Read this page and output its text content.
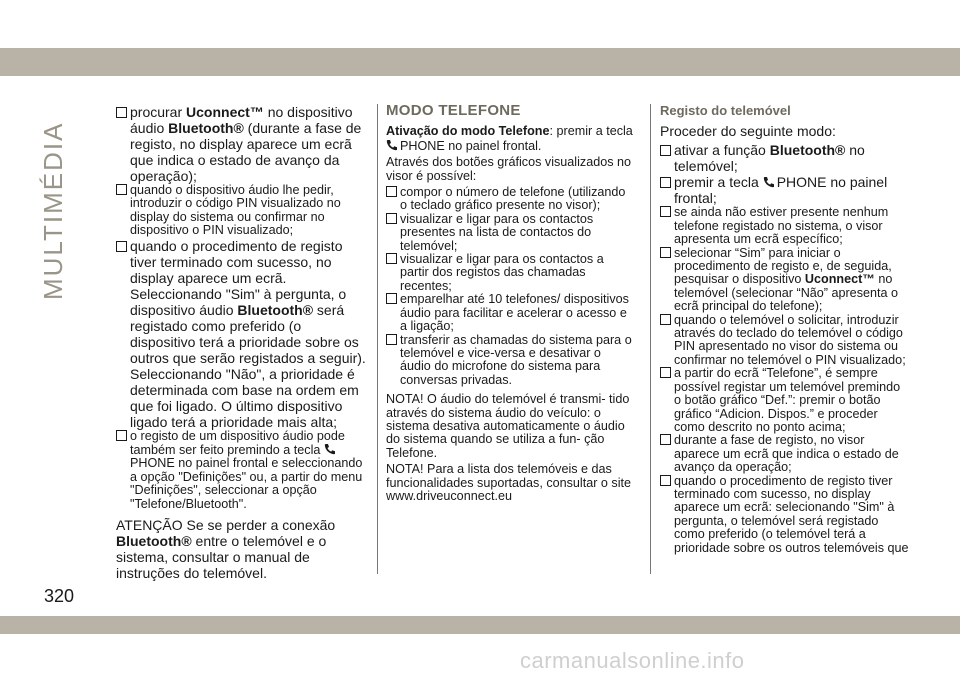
MULTIMÉDIA

procurar Uconnect™ no dispositivo áudio Bluetooth® (durante a fase de registo, no display aparece um ecrã que indica o estado de avanço da operação);

quando o dispositivo áudio lhe pedir, introduzir o código PIN visualizado no display do sistema ou confirmar no dispositivo o PIN visualizado;

quando o procedimento de registo tiver terminado com sucesso, no display aparece um ecrã. Seleccionando "Sim" à pergunta, o dispositivo áudio Bluetooth® será registado como preferido (o dispositivo terá a prioridade sobre os outros que serão registados a seguir). Seleccionando "Não", a prioridade é determinada com base na ordem em que foi ligado. O último dispositivo ligado terá a prioridade mais alta;

o registo de um dispositivo áudio pode também ser feito premindo a tecla
PHONE no painel frontal e seleccionando a opção "Definições" ou, a partir do menu "Definições", seleccionar a opção "Telefone/Bluetooth".

ATENÇÃO Se se perder a conexão Bluetooth® entre o telemóvel e o sistema, consultar o manual de instruções do telemóvel.

MODO TELEFONE

Ativação do modo Telefone: premir a tecla

PHONE no painel frontal.

Através dos botões gráficos visualizados no visor é possível:

compor o número de telefone (utilizando o teclado gráfico presente no visor);

visualizar e ligar para os contactos presentes na lista de contactos do telemóvel;

visualizar e ligar para os contactos a partir dos registos das chamadas recentes;

emparelhar até 10 telefones/ dispositivos áudio para facilitar e acelerar o acesso e a ligação;

transferir as chamadas do sistema para o telemóvel e vice-versa e desativar o áudio do microfone do sistema para conversas privadas.

NOTA! O áudio do telemóvel é transmi- tido através do sistema áudio do veículo: o sistema desativa automaticamente o áudio do sistema quando se utiliza a fun- ção Telefone.

NOTA! Para a lista dos telemóveis e das funcionalidades suportadas, consultar o site www.driveuconnect.eu

Registo do telemóvel

Proceder do seguinte modo:

ativar a função Bluetooth® no telemóvel;

premir a tecla
PHONE no painel frontal;

se ainda não estiver presente nenhum telefone registado no sistema, o visor apresenta um ecrã específico;

selecionar “Sim” para iniciar o procedimento de registo e, de seguida, pesquisar o dispositivo Uconnect™ no telemóvel (selecionar “Não” apresenta o ecrã principal do telefone);

quando o telemóvel o solicitar, introduzir através do teclado do telemóvel o código PIN apresentado no visor do sistema ou confirmar no telemóvel o PIN visualizado;

a partir do ecrã “Telefone”, é sempre possível registar um telemóvel premindo o botão gráfico “Def.”: premir o botão gráfico “Adicion. Dispos.” e proceder como descrito no ponto acima;

durante a fase de registo, no visor aparece um ecrã que indica o estado de avanço da operação;

quando o procedimento de registo tiver terminado com sucesso, no display aparece um ecrã: selecionando "Sim" à pergunta, o telemóvel será registado como preferido (o telemóvel terá a prioridade sobre os outros telemóveis que

320
carmanualsonline.info
